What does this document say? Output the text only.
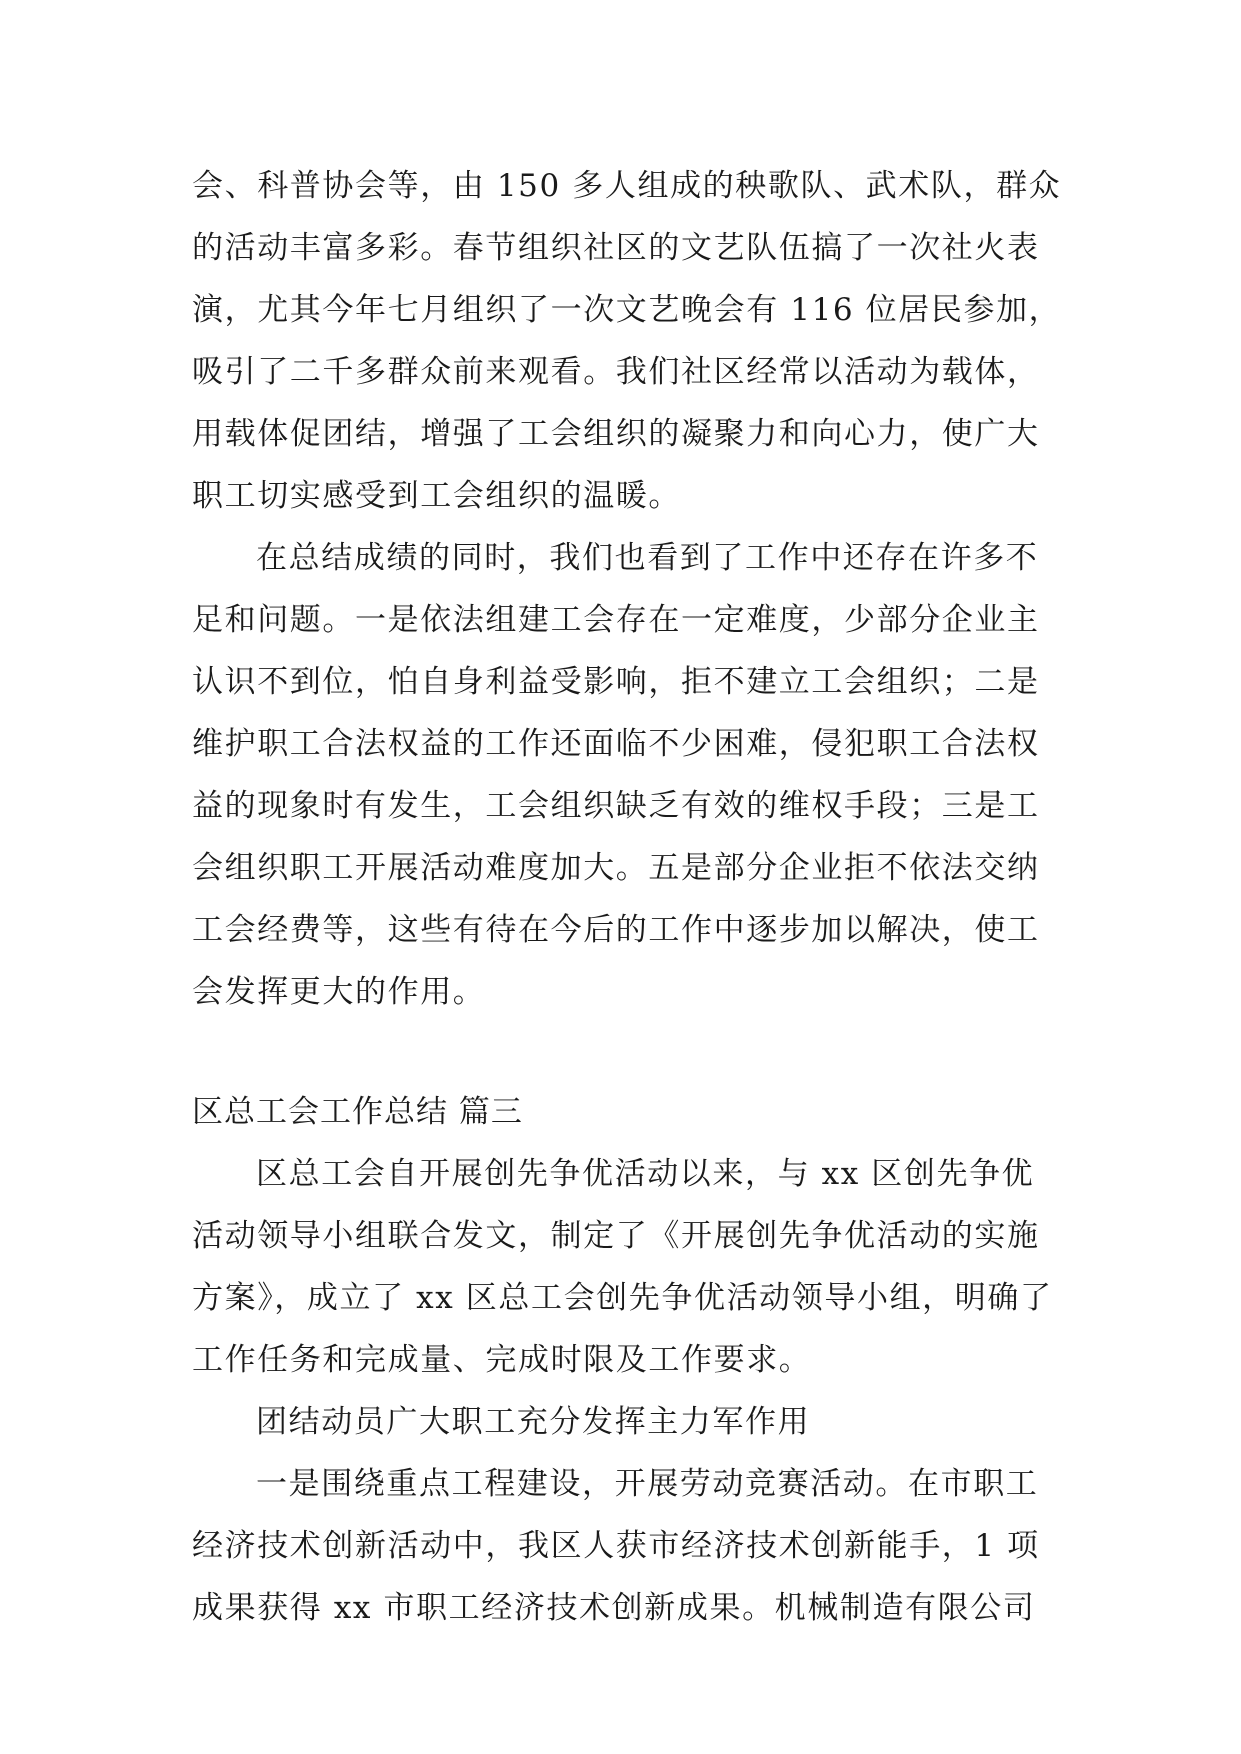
会、科普协会等，由 150 多人组成的秧歌队、武术队，群众
的活动丰富多彩。春节组织社区的文艺队伍搞了一次社火表
演，尤其今年七月组织了一次文艺晚会有 116 位居民参加，
吸引了二千多群众前来观看。我们社区经常以活动为载体，
用载体促团结，增强了工会组织的凝聚力和向心力，使广大
职工切实感受到工会组织的温暖。
在总结成绩的同时，我们也看到了工作中还存在许多不
足和问题。一是依法组建工会存在一定难度，少部分企业主
认识不到位，怕自身利益受影响，拒不建立工会组织；二是
维护职工合法权益的工作还面临不少困难，侵犯职工合法权
益的现象时有发生，工会组织缺乏有效的维权手段；三是工
会组织职工开展活动难度加大。五是部分企业拒不依法交纳
工会经费等，这些有待在今后的工作中逐步加以解决，使工
会发挥更大的作用。
区总工会工作总结 篇三
区总工会自开展创先争优活动以来，与 xx 区创先争优
活动领导小组联合发文，制定了《开展创先争优活动的实施
方案》，成立了 xx 区总工会创先争优活动领导小组，明确了
工作任务和完成量、完成时限及工作要求。
团结动员广大职工充分发挥主力军作用
一是围绕重点工程建设，开展劳动竞赛活动。在市职工
经济技术创新活动中，我区人获市经济技术创新能手，1 项
成果获得 xx 市职工经济技术创新成果。机械制造有限公司
